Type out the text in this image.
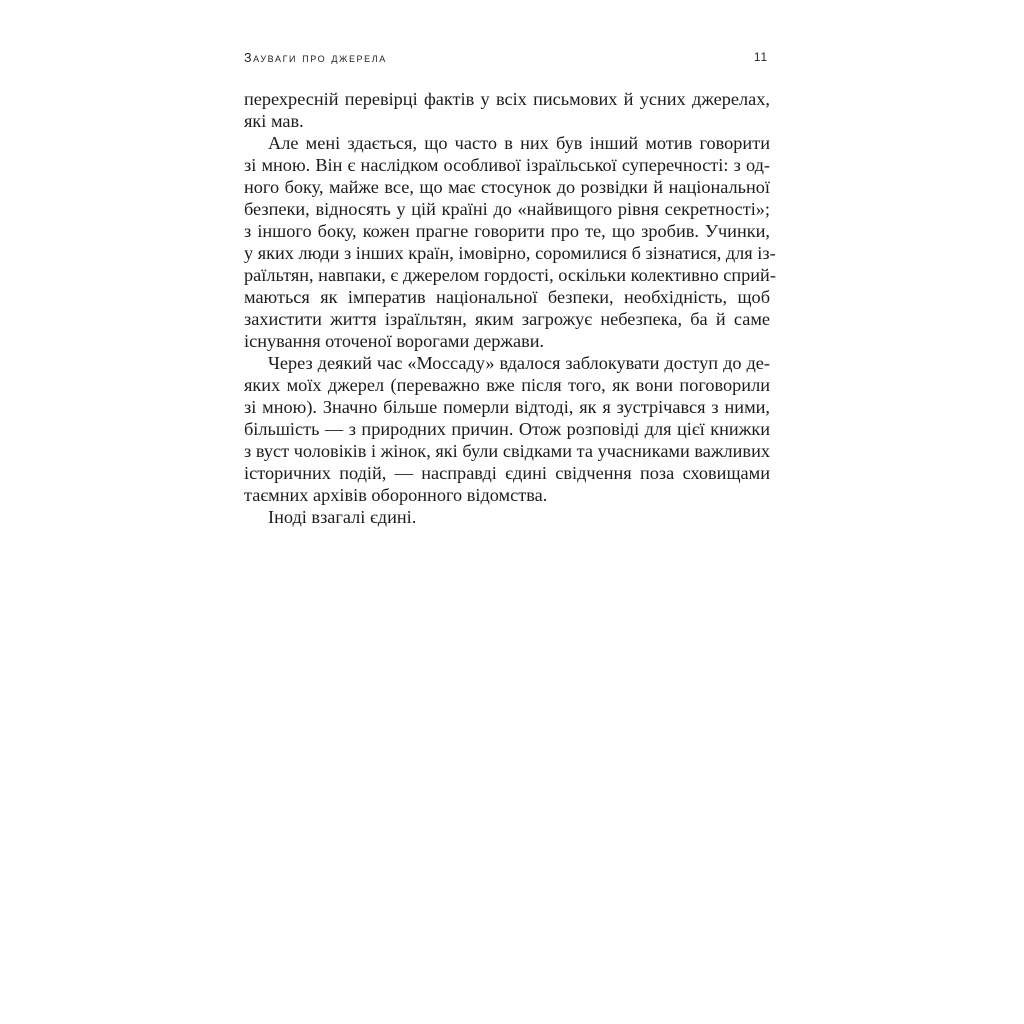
Зауваги про джерела	11
перехресній перевірці фактів у всіх письмових й усних джерелах,
які мав.
Але мені здається, що часто в них був інший мотив говорити
зі мною. Він є наслідком особливої ізраїльської суперечності: з од-
ного боку, майже все, що має стосунок до розвідки й національної
безпеки, відносять у цій країні до «найвищого рівня секретності»;
з іншого боку, кожен прагне говорити про те, що зробив. Учинки,
у яких люди з інших країн, імовірно, соромилися б зізнатися, для із-
раїльтян, навпаки, є джерелом гордості, оскільки колективно сприй-
маються як імператив національної безпеки, необхідність, щоб
захистити життя ізраїльтян, яким загрожує небезпека, ба й саме
існування оточеної ворогами держави.
Через деякий час «Моссаду» вдалося заблокувати доступ до де-
яких моїх джерел (переважно вже після того, як вони поговорили
зі мною). Значно більше померли відтоді, як я зустрічався з ними,
більшість — з природних причин. Отож розповіді для цієї книжки
з вуст чоловіків і жінок, які були свідками та учасниками важливих
історичних подій, — насправді єдині свідчення поза сховищами
таємних архівів оборонного відомства.
Іноді взагалі єдині.
